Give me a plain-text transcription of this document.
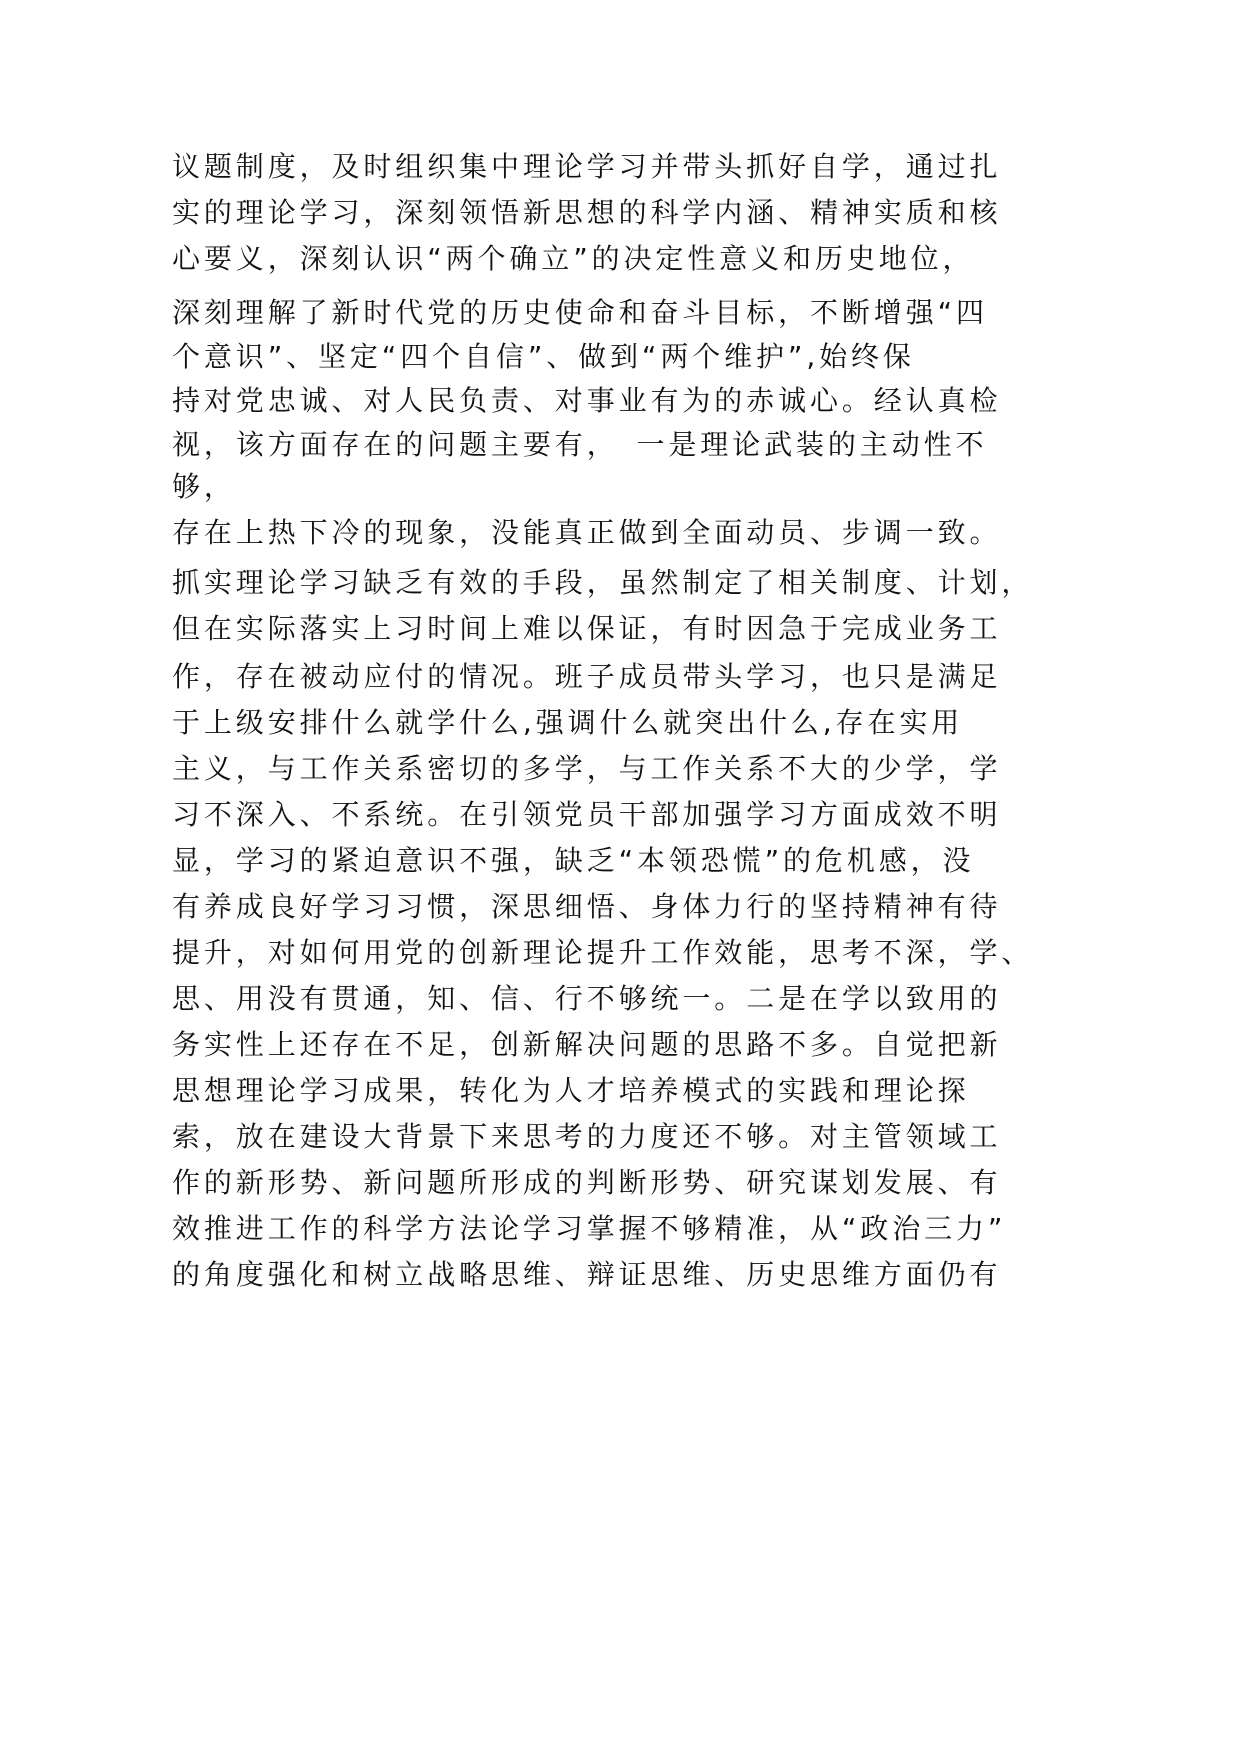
议题制度，及时组织集中理论学习并带头抓好自学，通过扎

实的理论学习，深刻领悟新思想的科学内涵、精神实质和核

心要义，深刻认识“两个确立”的决定性意义和历史地位，

深刻理解了新时代党的历史使命和奋斗目标，不断增强“四

个意识”、坚定“四个自信”、做到“两个维护”,始终保

持对党忠诚、对人民负责、对事业有为的赤诚心。经认真检

视，该方面存在的问题主要有，　一是理论武装的主动性不

够，

存在上热下冷的现象，没能真正做到全面动员、步调一致。

抓实理论学习缺乏有效的手段，虽然制定了相关制度、计划，

但在实际落实上习时间上难以保证，有时因急于完成业务工

作，存在被动应付的情况。班子成员带头学习，也只是满足

于上级安排什么就学什么,强调什么就突出什么,存在实用

主义，与工作关系密切的多学，与工作关系不大的少学，学

习不深入、不系统。在引领党员干部加强学习方面成效不明

显，学习的紧迫意识不强，缺乏“本领恐慌”的危机感，没

有养成良好学习习惯，深思细悟、身体力行的坚持精神有待

提升，对如何用党的创新理论提升工作效能，思考不深，学、

思、用没有贯通，知、信、行不够统一。二是在学以致用的

务实性上还存在不足，创新解决问题的思路不多。自觉把新

思想理论学习成果，转化为人才培养模式的实践和理论探

索，放在建设大背景下来思考的力度还不够。对主管领域工

作的新形势、新问题所形成的判断形势、研究谋划发展、有

效推进工作的科学方法论学习掌握不够精准，从“政治三力”

的角度强化和树立战略思维、辩证思维、历史思维方面仍有
